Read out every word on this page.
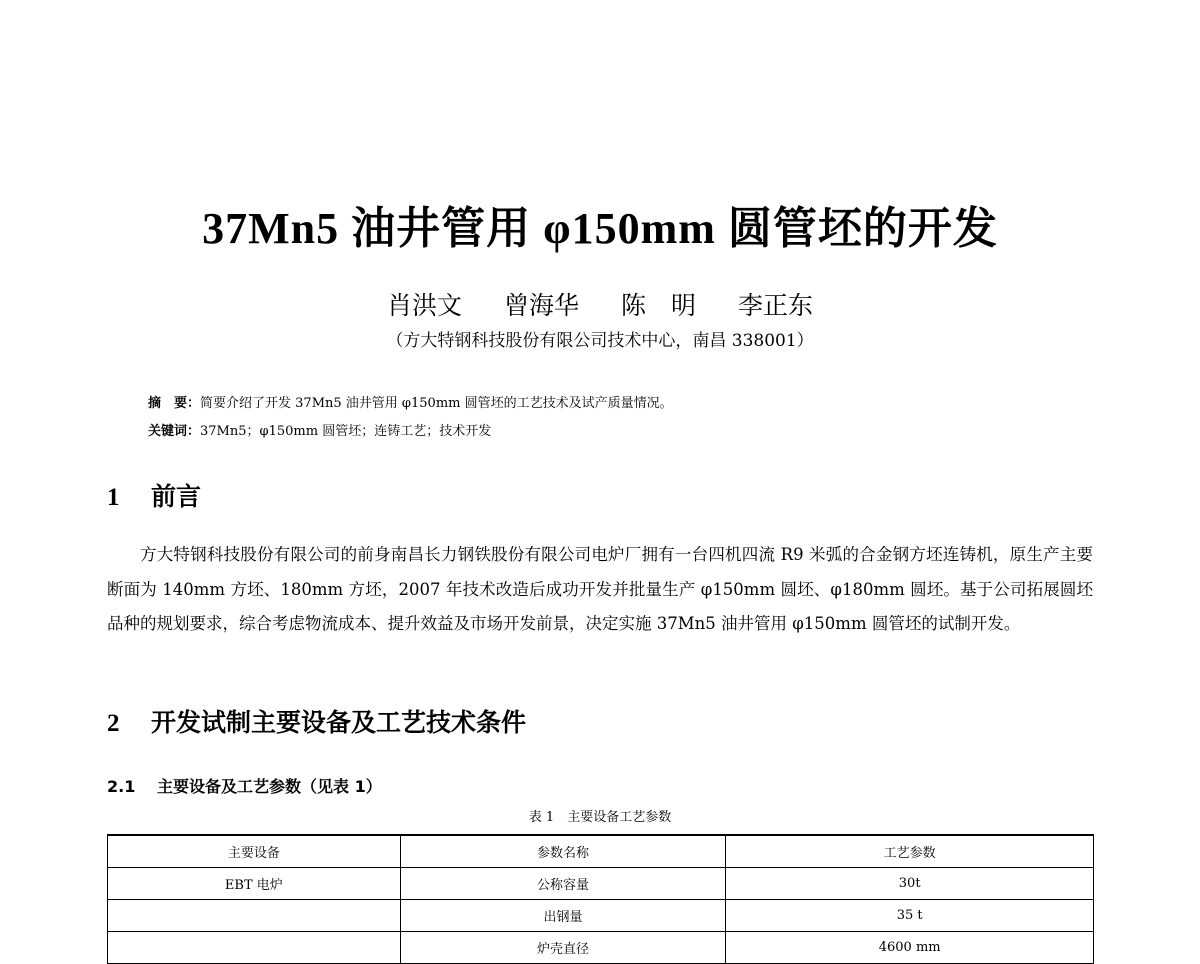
37Mn5 油井管用 φ150mm 圆管坯的开发
肖洪文 曾海华 陈　明 李正东
（方大特钢科技股份有限公司技术中心，南昌 338001）
摘　要：简要介绍了开发 37Mn5 油井管用 φ150mm 圆管坯的工艺技术及试产质量情况。
关键词：37Mn5；φ150mm 圆管坯；连铸工艺；技术开发
1 前言
方大特钢科技股份有限公司的前身南昌长力钢铁股份有限公司电炉厂拥有一台四机四流 R9 米弧的合金钢方坯连铸机，原生产主要断面为 140mm 方坯、180mm 方坯，2007 年技术改造后成功开发并批量生产 φ150mm 圆坯、φ180mm 圆坯。基于公司拓展圆坯品种的规划要求，综合考虑物流成本、提升效益及市场开发前景，决定实施 37Mn5 油井管用 φ150mm 圆管坯的试制开发。
2 开发试制主要设备及工艺技术条件
2.1 主要设备及工艺参数（见表 1）
表 1　主要设备工艺参数
主要设备	参数名称	工艺参数
EBT 电炉	公称容量	30t
	出钢量	35 t
	炉壳直径	4600 mm
